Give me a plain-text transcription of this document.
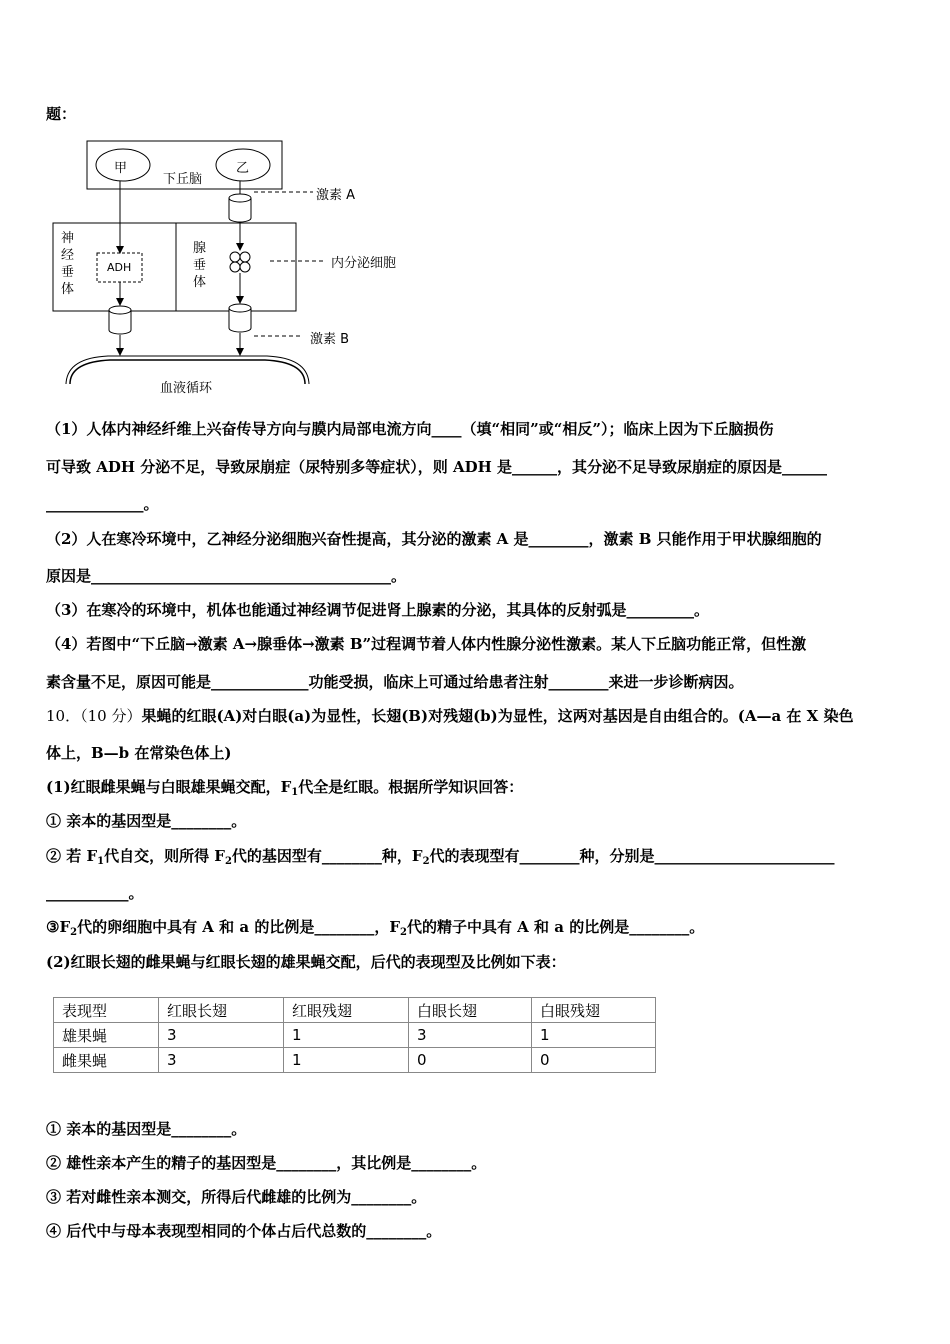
题：
甲	乙
下丘脑
激素 A
神
经
垂
体
腺
垂
体
ADH	内分泌细胞
激素 B
血液循环
（1）人体内神经纤维上兴奋传导方向与膜内局部电流方向____（填“相同”或“相反”）；临床上因为下丘脑损伤
可导致 ADH 分泌不足，导致尿崩症（尿特别多等症状），则 ADH 是______，其分泌不足导致尿崩症的原因是______
_____________。
（2）人在寒冷环境中，乙神经分泌细胞兴奋性提高，其分泌的激素 A 是________，激素 B 只能作用于甲状腺细胞的
原因是________________________________________。
（3）在寒冷的环境中，机体也能通过神经调节促进肾上腺素的分泌，其具体的反射弧是_________。
（4）若图中“下丘脑→激素 A→腺垂体→激素 B”过程调节着人体内性腺分泌性激素。某人下丘脑功能正常，但性激
素含量不足，原因可能是_____________功能受损，临床上可通过给患者注射________来进一步诊断病因。
10．（10 分）果蝇的红眼(A)对白眼(a)为显性，长翅(B)对残翅(b)为显性，这两对基因是自由组合的。(A—a 在 X 染色
体上，B—b 在常染色体上)
(1)红眼雌果蝇与白眼雄果蝇交配，$F_1$代全是红眼。根据所学知识回答：
① 亲本的基因型是________。
② 若 $F_1$代自交，则所得 $F_2$代的基因型有________种，$F_2$代的表现型有________种，分别是________________________
___________。
$③F_2$代的卵细胞中具有 A 和 a 的比例是________，$F_2$代的精子中具有 A 和 a 的比例是________。
(2)红眼长翅的雌果蝇与红眼长翅的雄果蝇交配，后代的表现型及比例如下表：
表现型	红眼长翅	红眼残翅	白眼长翅	白眼残翅
雄果蝇	3	1	3	1
雌果蝇	3	1	0	0
① 亲本的基因型是________。
② 雄性亲本产生的精子的基因型是________，其比例是________。
③ 若对雌性亲本测交，所得后代雌雄的比例为________。
④ 后代中与母本表现型相同的个体占后代总数的________。
